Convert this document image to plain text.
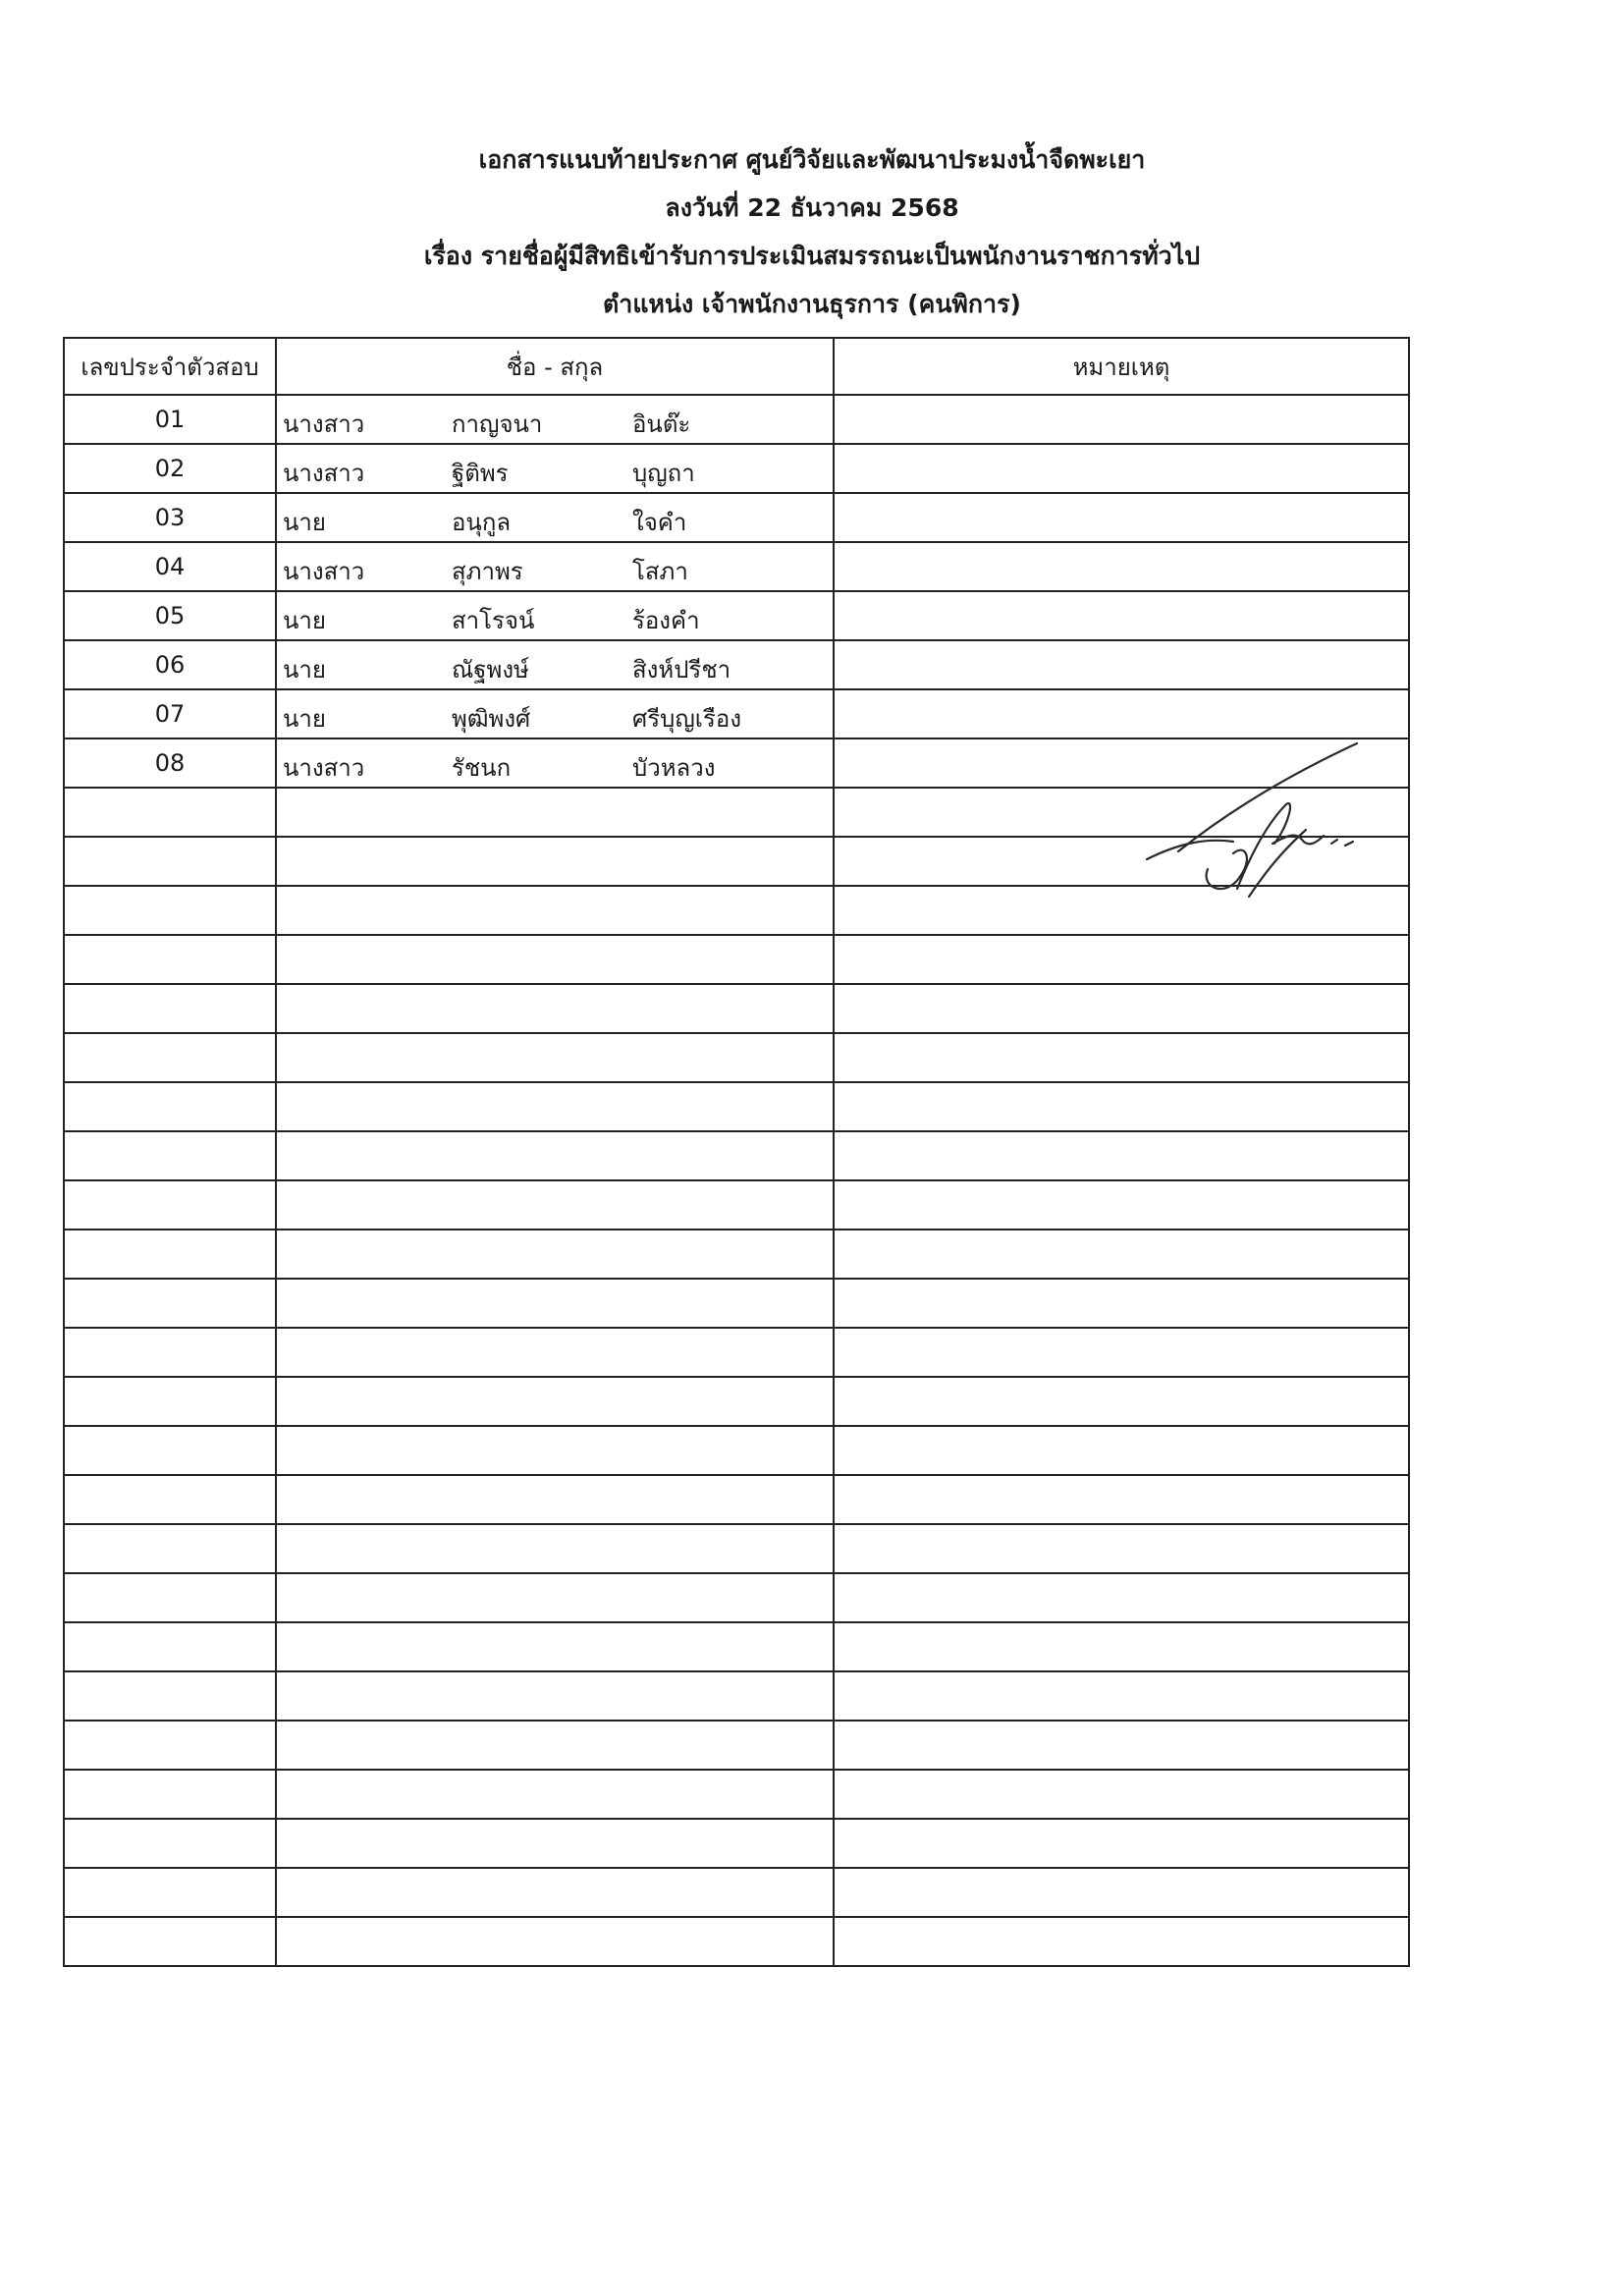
เอกสารแนบท้ายประกาศ ศูนย์วิจัยและพัฒนาประมงน้ำจืดพะเยา
ลงวันที่ 22 ธันวาคม 2568
เรื่อง รายชื่อผู้มีสิทธิเข้ารับการประเมินสมรรถนะเป็นพนักงานราชการทั่วไป
ตำแหน่ง เจ้าพนักงานธุรการ (คนพิการ)
เลขประจำตัวสอบ	ชื่อ - สกุล	หมายเหตุ
01	นางสาว กาญจนา อินต๊ะ	

02	นางสาว ฐิติพร บุญถา	

03	นาย อนุกูล ใจคำ	

04	นางสาว สุภาพร โสภา	

05	นาย สาโรจน์ ร้องคำ	

06	นาย ณัฐพงษ์ สิงห์ปรีชา	

07	นาย พุฒิพงศ์ ศรีบุญเรือง	

08	นางสาว รัชนก บัวหลวง	
